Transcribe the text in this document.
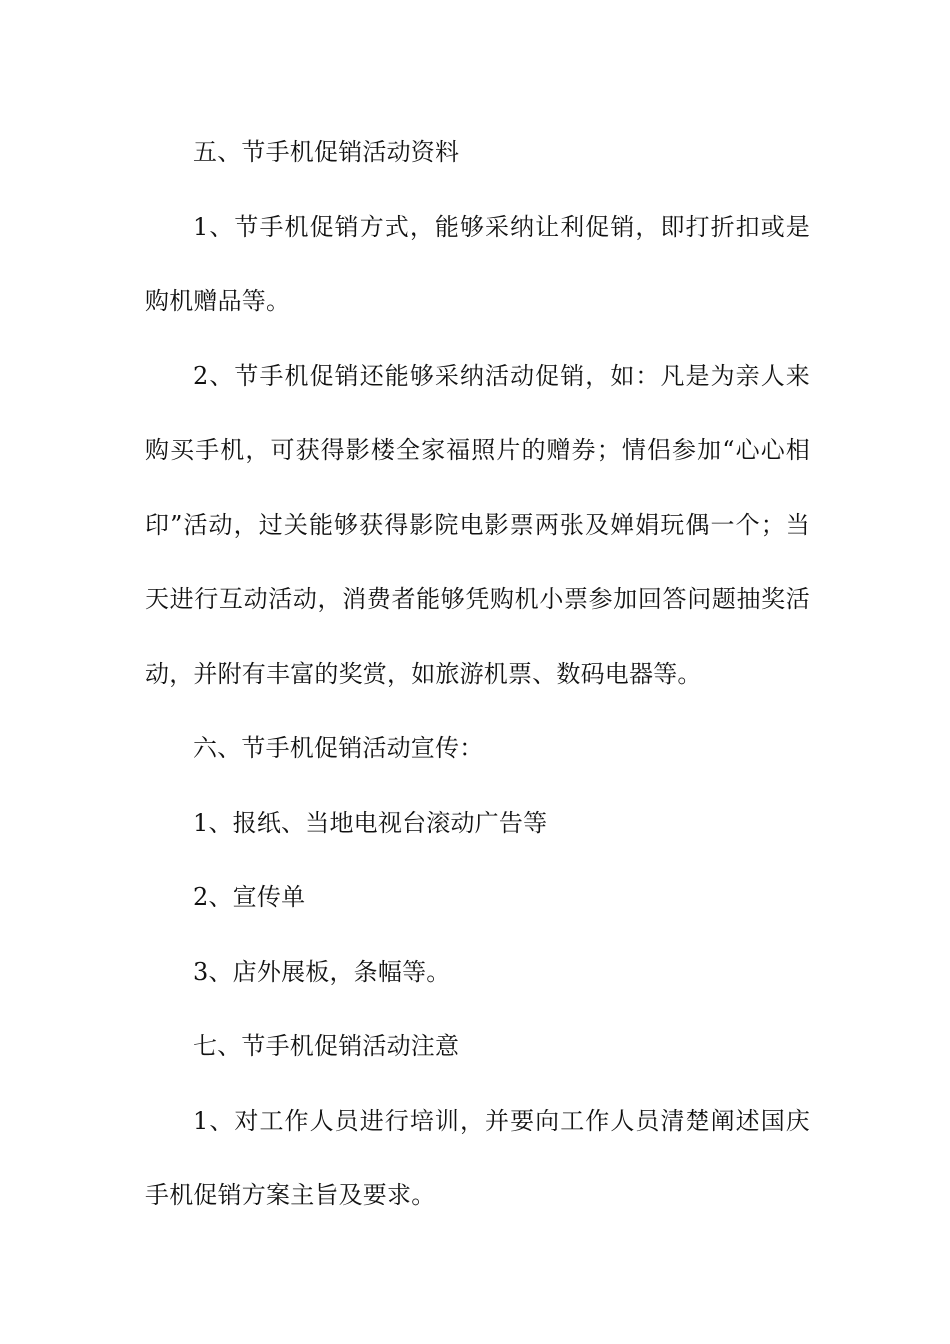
五、节手机促销活动资料

1、节手机促销方式，能够采纳让利促销，即打折扣或是购机赠品等。

2、节手机促销还能够采纳活动促销，如：凡是为亲人来购买手机，可获得影楼全家福照片的赠券；情侣参加“心心相印”活动，过关能够获得影院电影票两张及婵娟玩偶一个；当天进行互动活动，消费者能够凭购机小票参加回答问题抽奖活动，并附有丰富的奖赏，如旅游机票、数码电器等。

六、节手机促销活动宣传：

1、报纸、当地电视台滚动广告等

2、宣传单

3、店外展板，条幅等。

七、节手机促销活动注意

1、对工作人员进行培训，并要向工作人员清楚阐述国庆手机促销方案主旨及要求。
